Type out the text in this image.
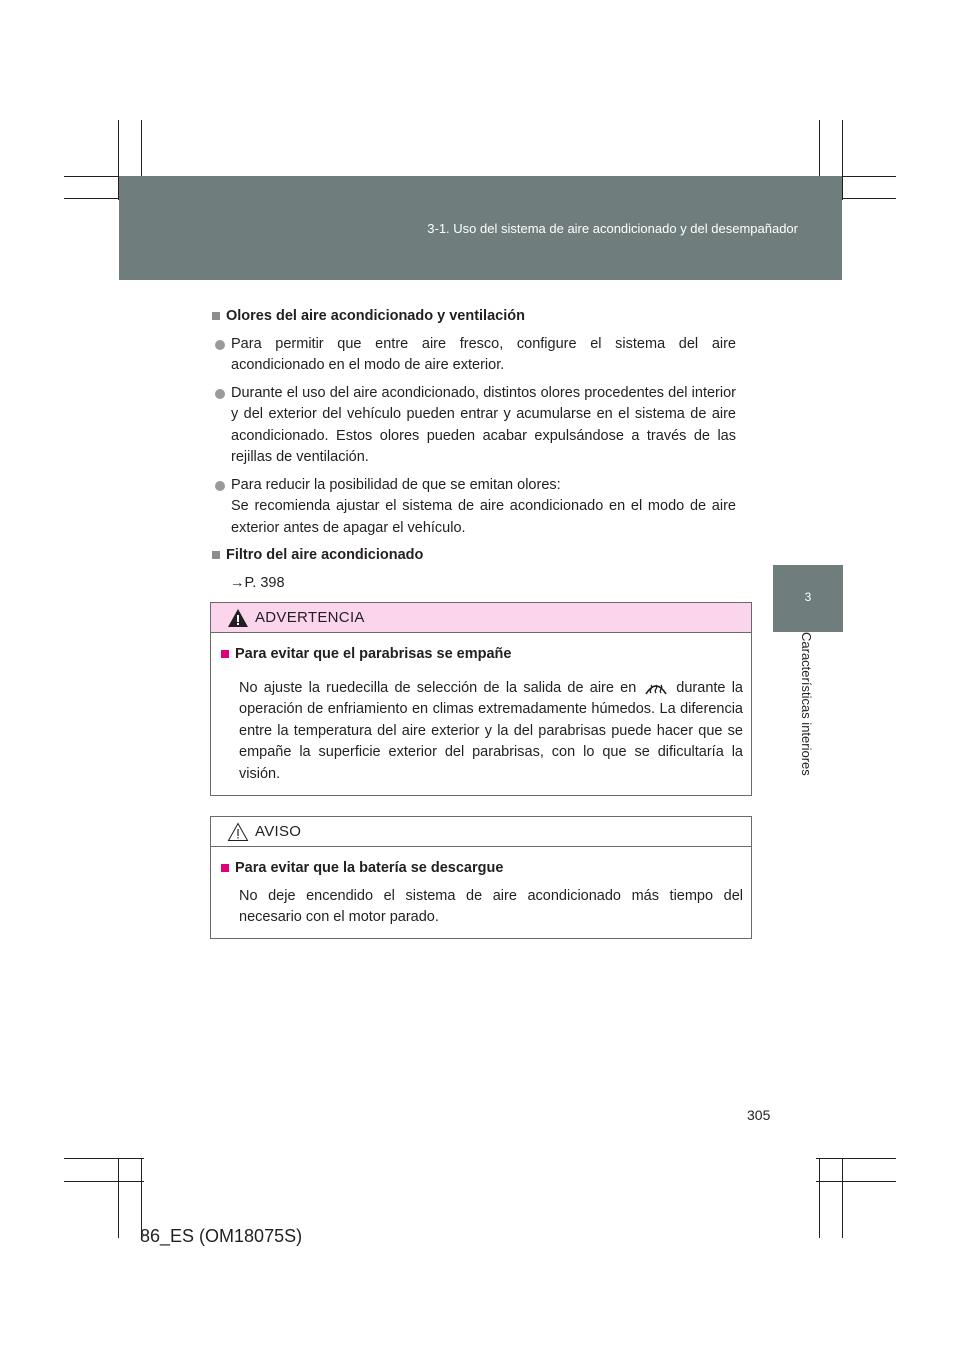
3-1. Uso del sistema de aire acondicionado y del desempañador
3
Características interiores
Olores del aire acondicionado y ventilación
Para permitir que entre aire fresco, configure el sistema del aire acondicionado en el modo de aire exterior.
Durante el uso del aire acondicionado, distintos olores procedentes del interior y del exterior del vehículo pueden entrar y acumularse en el sistema de aire acondicionado. Estos olores pueden acabar expulsándose a través de las rejillas de ventilación.

Para reducir la posibilidad de que se emitan olores:

Se recomienda ajustar el sistema de aire acondicionado en el modo de aire exterior antes de apagar el vehículo.

Filtro del aire acondicionado
→P. 398
ADVERTENCIA
Para evitar que el parabrisas se empañe
No ajuste la ruedecilla de selección de la salida de aire en	durante la operación de enfriamiento en climas extremadamente húmedos. La diferencia entre la temperatura del aire exterior y la del parabrisas puede hacer que se empañe la superficie exterior del parabrisas, con lo que se dificultaría la visión.
AVISO
Para evitar que la batería se descargue
No deje encendido el sistema de aire acondicionado más tiempo del necesario con el motor parado.
305
86_ES (OM18075S)
